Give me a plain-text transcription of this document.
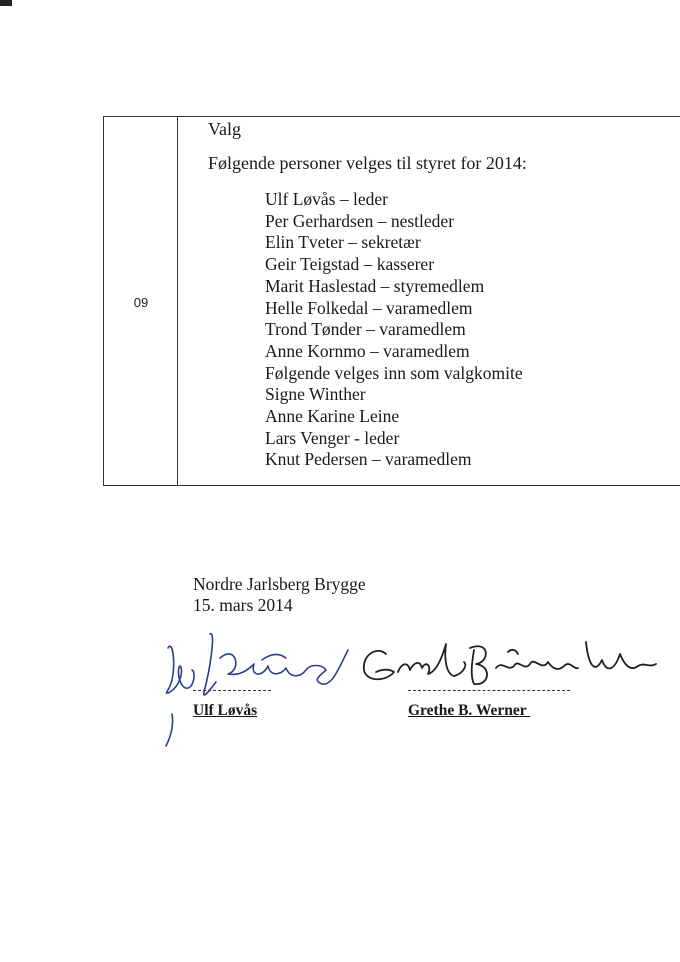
09
Valg
Følgende personer velges til styret for 2014:
Ulf Løvås – leder
Per Gerhardsen – nestleder
Elin Tveter – sekretær
Geir Teigstad – kasserer
Marit Haslestad – styremedlem
Helle Folkedal – varamedlem
Trond Tønder – varamedlem
Anne Kornmo – varamedlem
Følgende velges inn som valgkomite
Signe Winther
Anne Karine Leine
Lars Venger - leder
Knut Pedersen – varamedlem
Nordre Jarlsberg Brygge
15. mars 2014
Ulf Løvås	Grethe B. Werner
